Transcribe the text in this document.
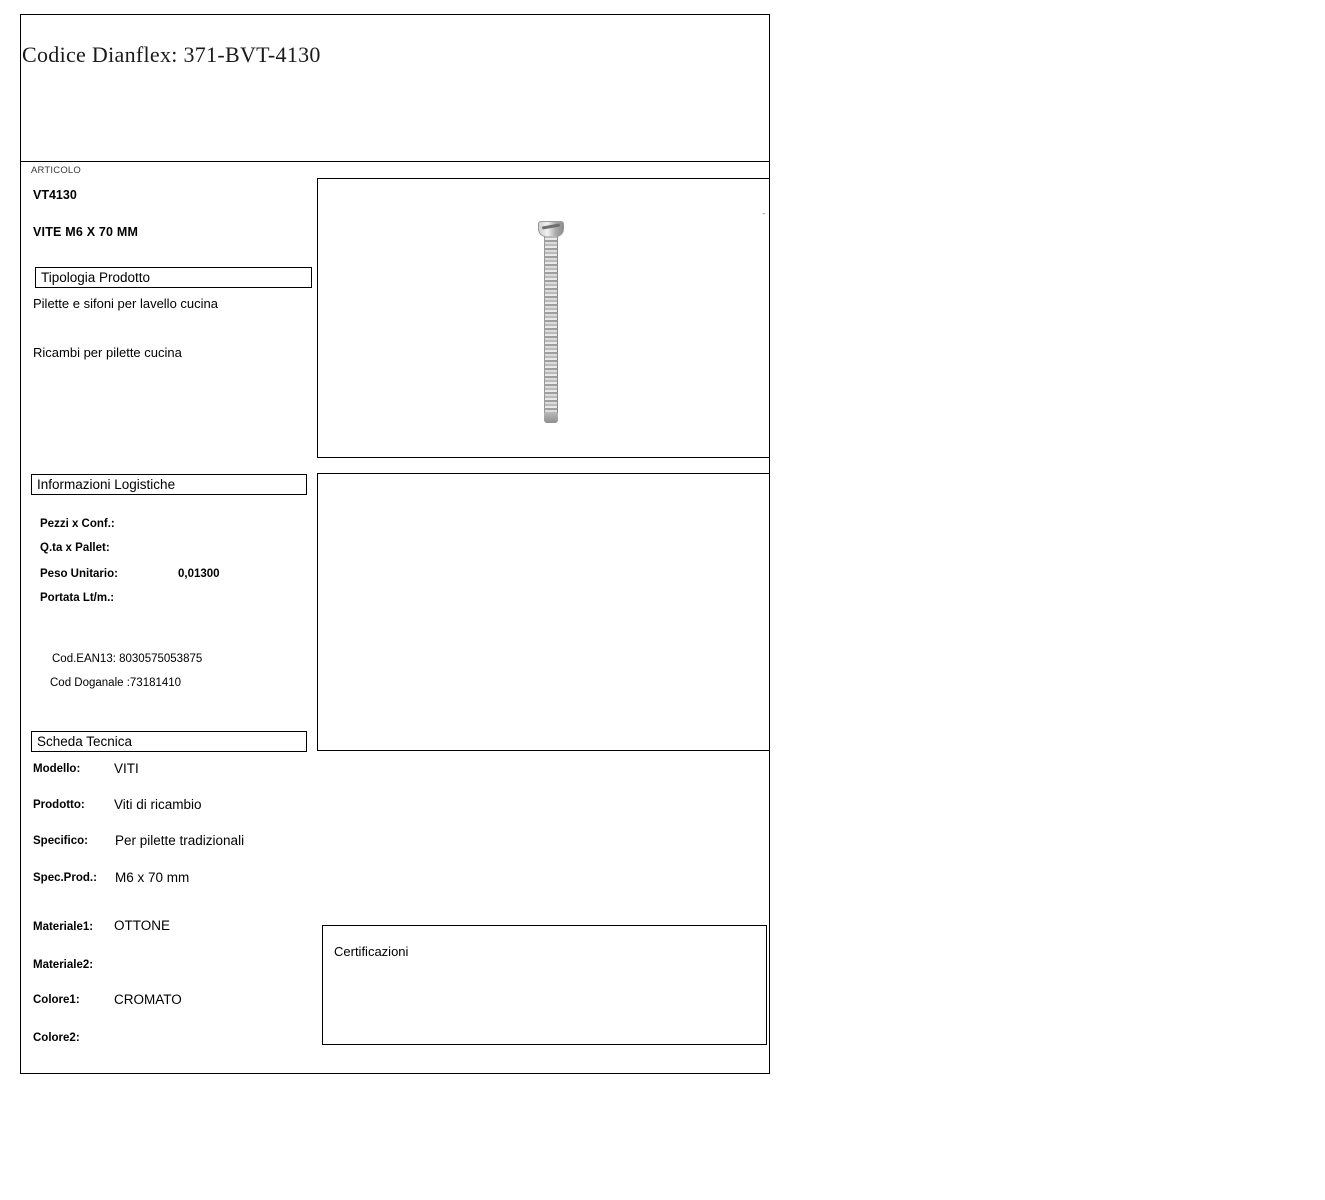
Codice Dianflex: 371-BVT-4130
ARTICOLO
VT4130
VITE M6 X 70 MM
Tipologia Prodotto
Pilette e sifoni per lavello cucina
Ricambi per pilette cucina
-
Informazioni Logistiche
Pezzi x Conf.:
Q.ta x Pallet:
Peso Unitario:	0,01300
Portata Lt/m.:
Cod.EAN13: 8030575053875
Cod Doganale :73181410
Scheda Tecnica
Modello: VITI
Prodotto: Viti di ricambio
Specifico: Per pilette tradizionali
Spec.Prod.: M6 x 70 mm
Materiale1: OTTONE
Materiale2:
Colore1:	CROMATO
Colore2:
Certificazioni
